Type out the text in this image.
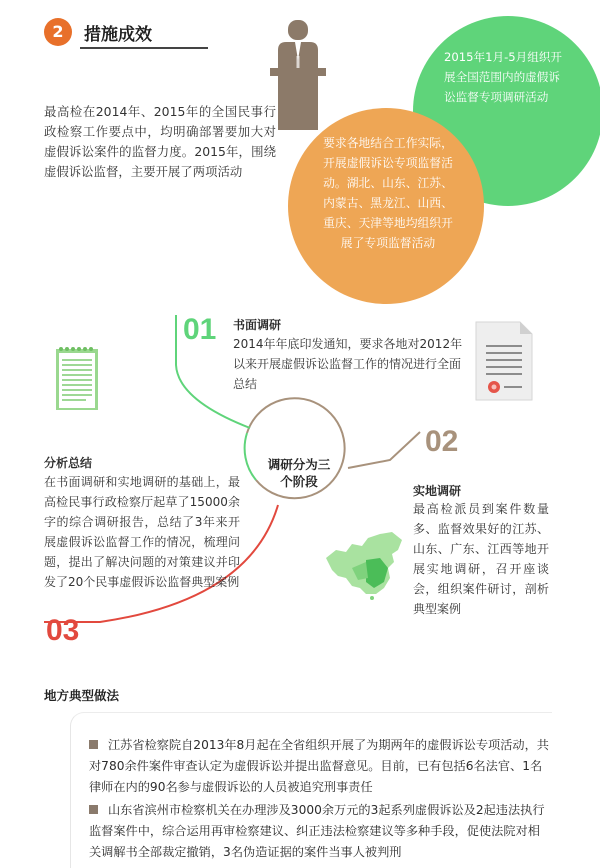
2	措施成效
最高检在2014年、2015年的全国民事行政检察工作要点中，均明确部署要加大对虚假诉讼案件的监督力度。2015年，围绕虚假诉讼监督，主要开展了两项活动
2015年1月-5月组织开展全国范围内的虚假诉讼监督专项调研活动
要求各地结合工作实际，开展虚假诉讼专项监督活动。湖北、山东、江苏、内蒙古、黑龙江、山西、重庆、天津等地均组织开展了专项监督活动
01 书面调研
2014年年底印发通知，要求各地对2012年以来开展虚假诉讼监督工作的情况进行全面总结
02
实地调研
最高检派员到案件数量多、监督效果好的江苏、山东、广东、江西等地开展实地调研，召开座谈会，组织案件研讨，剖析典型案例
03
分析总结
在书面调研和实地调研的基础上，最高检民事行政检察厅起草了15000余字的综合调研报告，总结了3年来开展虚假诉讼监督工作的情况，梳理问题，提出了解决问题的对策建议并印发了20个民事虚假诉讼监督典型案例
调研分为三个阶段
地方典型做法
江苏省检察院自2013年8月起在全省组织开展了为期两年的虚假诉讼专项活动，共对780余件案件审查认定为虚假诉讼并提出监督意见。目前，已有包括6名法官、1名律师在内的90名参与虚假诉讼的人员被追究刑事责任
山东省滨州市检察机关在办理涉及3000余万元的3起系列虚假诉讼及2起违法执行监督案件中，综合运用再审检察建议、纠正违法检察建议等多种手段，促使法院对相关调解书全部裁定撤销，3名伪造证据的案件当事人被判刑
